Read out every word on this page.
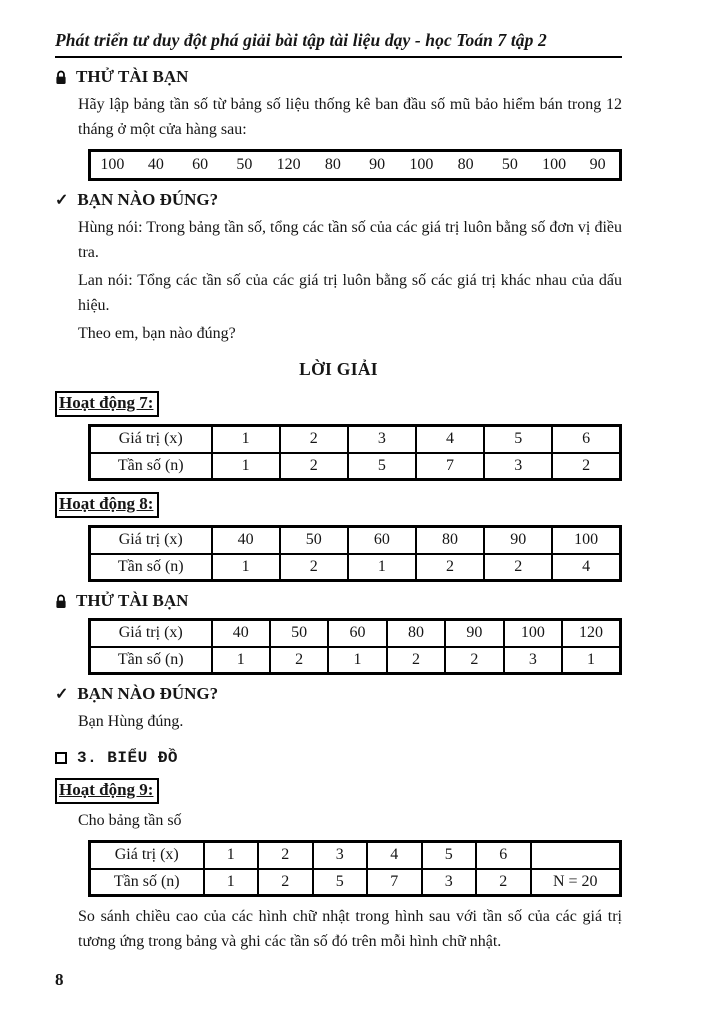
Phát triển tư duy đột phá giải bài tập tài liệu dạy - học Toán 7 tập 2
THỬ TÀI BẠN

Hãy lập bảng tần số từ bảng số liệu thống kê ban đầu số mũ bảo hiểm bán trong 12 tháng ở một cửa hàng sau:

100	40	60	50	120	80	90	100	80	50	100	90
✓ BẠN NÀO ĐÚNG?

Hùng nói: Trong bảng tần số, tổng các tần số của các giá trị luôn bằng số đơn vị điều tra.

Lan nói: Tổng các tần số của các giá trị luôn bằng số các giá trị khác nhau của dấu hiệu.

Theo em, bạn nào đúng?

LỜI GIẢI
Hoạt động 7:
Giá trị (x)	1	2	3	4	5	6
Tần số (n)	1	2	5	7	3	2
Hoạt động 8:
Giá trị (x)	40	50	60	80	90	100
Tần số (n)	1	2	1	2	2	4
THỬ TÀI BẠN
Giá trị (x)	40	50	60	80	90	100	120
Tần số (n)	1	2	1	2	2	3	1
✓ BẠN NÀO ĐÚNG?

Bạn Hùng đúng.

3. BIỂU ĐỒ
Hoạt động 9:

Cho bảng tần số

Giá trị (x)	1	2	3	4	5	6	
Tần số (n)	1	2	5	7	3	2	N = 20

So sánh chiều cao của các hình chữ nhật trong hình sau với tần số của các giá trị tương ứng trong bảng và ghi các tần số đó trên mỗi hình chữ nhật.

8
